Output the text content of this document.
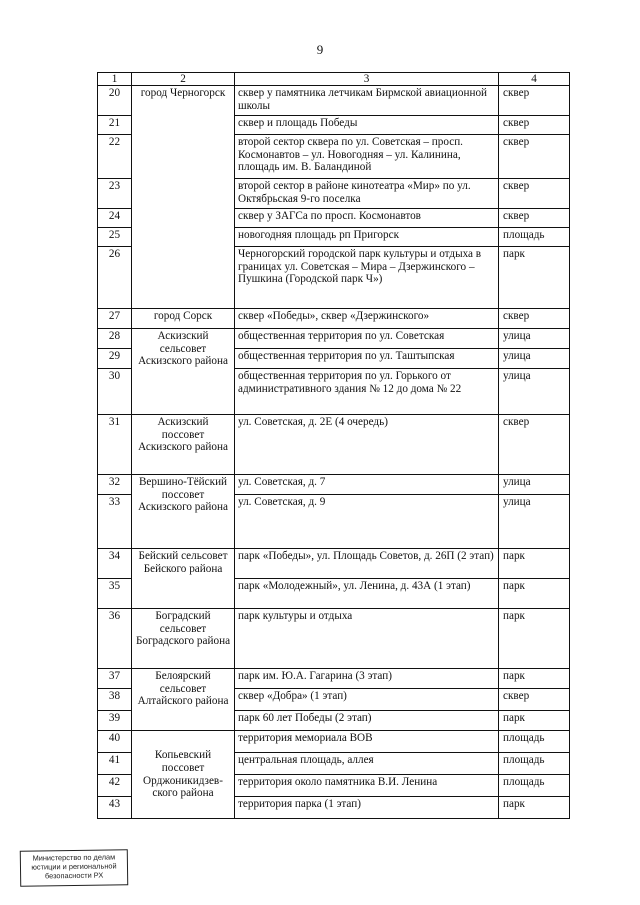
9
1	2	3	4
20	город Черногорск	сквер у памятника летчикам Бирмской авиационной школы	сквер
21		сквер и площадь Победы	сквер
22		второй сектор сквера по ул. Советская – просп. Космонавтов – ул. Новогодняя – ул. Калинина, площадь им. В. Баландиной	сквер
23		второй сектор в районе кинотеатра «Мир» по ул. Октябрьская 9-го поселка	сквер
24		сквер у ЗАГСа по просп. Космонавтов	сквер
25		новогодняя площадь рп Пригорск	площадь
26		Черногорский городской парк культуры и отдыха в границах ул. Советская – Мира – Дзержинского – Пушкина (Городской парк Ч»)	парк
27	город Сорск	сквер «Победы», сквер «Дзержинского»	сквер
28	Аскизский сельсовет Аскизского района	общественная территория по ул. Советская	улица
29		общественная территория по ул. Таштыпская	улица
30		общественная территория по ул. Горького от административного здания № 12 до дома № 22	улица
31	Аскизский поссовет Аскизского района	ул. Советская, д. 2Е (4 очередь)	сквер
32	Вершино-Тёйский поссовет Аскизского района	ул. Советская, д. 7	улица
33		ул. Советская, д. 9	улица
34	Бейский сельсовет Бейского района	парк «Победы», ул. Площадь Советов, д. 26П (2 этап)	парк
35		парк «Молодежный», ул. Ленина, д. 43А (1 этап)	парк
36	Боградский сельсовет Боградского района	парк культуры и отдыха	парк
37	Белоярский сельсовет Алтайского района	парк им. Ю.А. Гагарина (3 этап)	парк
38		сквер «Добра» (1 этап)	сквер
39		парк 60 лет Победы (2 этап)	парк
40	Копьевский поссовет Орджоникидзев-ского района	территория мемориала ВОВ	площадь
41		центральная площадь, аллея	площадь
42		территория около памятника В.И. Ленина	площадь
43		территория парка (1 этап)	парк
Министерство по делам
юстиции и региональной
безопасности РХ
